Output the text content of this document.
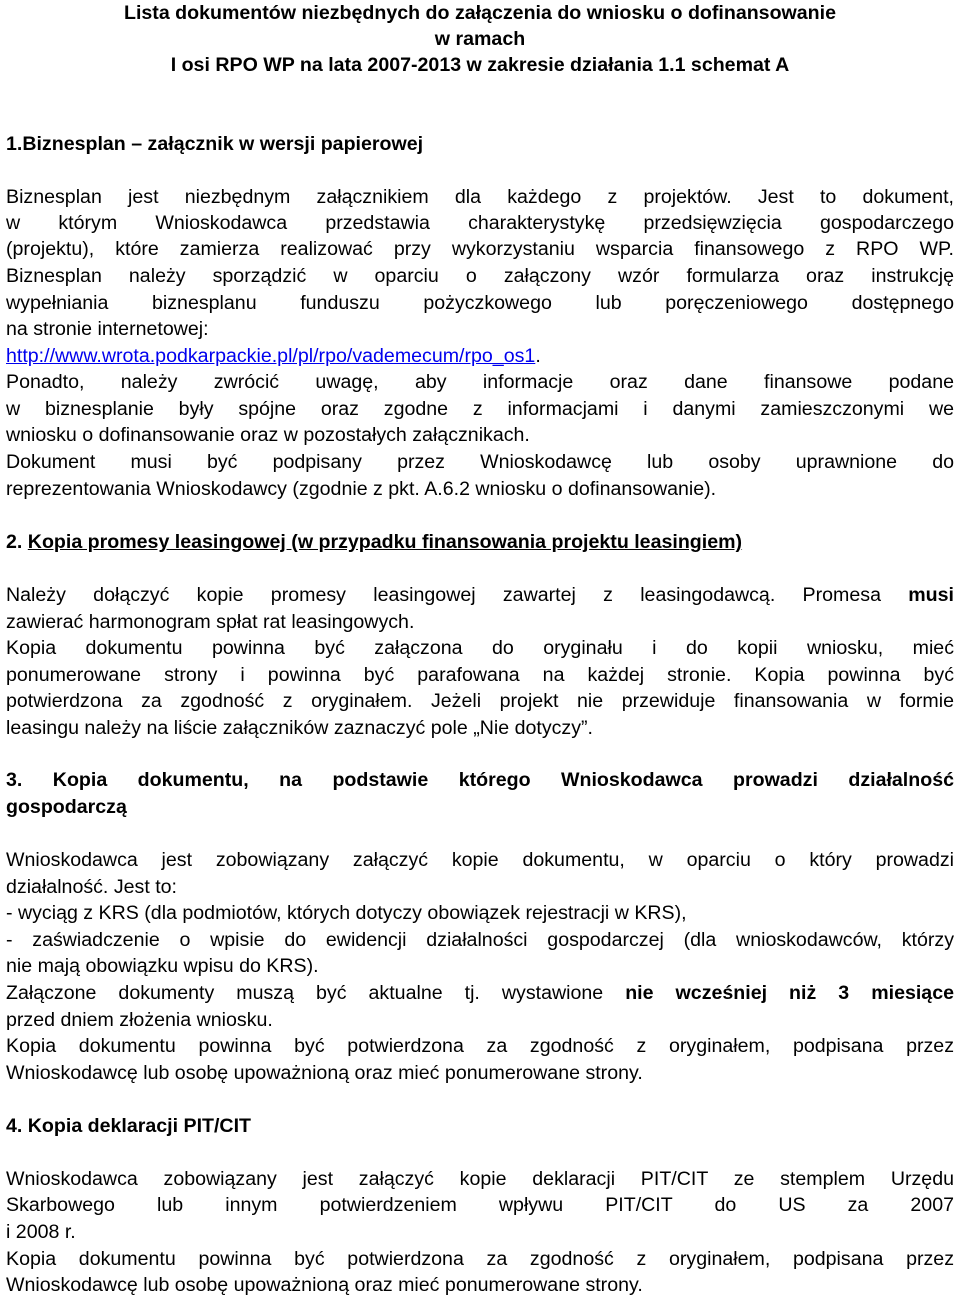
Lista dokumentów niezbędnych do załączenia do wniosku o dofinansowanie
w ramach
I osi RPO WP na lata 2007-2013 w zakresie działania 1.1 schemat A
1.Biznesplan – załącznik w wersji papierowej
Biznesplan jest niezbędnym załącznikiem dla każdego z projektów. Jest to dokument,
w którym Wnioskodawca przedstawia charakterystykę przedsięwzięcia gospodarczego
(projektu), które zamierza realizować przy wykorzystaniu wsparcia finansowego z RPO WP.
Biznesplan należy sporządzić w oparciu o załączony wzór formularza oraz instrukcję
wypełniania biznesplanu funduszu pożyczkowego lub poręczeniowego dostępnego
na stronie internetowej:
http://www.wrota.podkarpackie.pl/pl/rpo/vademecum/rpo_os1.
Ponadto, należy zwrócić uwagę, aby informacje oraz dane finansowe podane
w biznesplanie były spójne oraz zgodne z informacjami i danymi zamieszczonymi we
wniosku o dofinansowanie oraz w pozostałych załącznikach.
Dokument musi być podpisany przez Wnioskodawcę lub osoby uprawnione do
reprezentowania Wnioskodawcy (zgodnie z pkt. A.6.2 wniosku o dofinansowanie).
2. Kopia promesy leasingowej (w przypadku finansowania projektu leasingiem)
Należy dołączyć kopie promesy leasingowej zawartej z leasingodawcą. Promesa musi
zawierać harmonogram spłat rat leasingowych.
Kopia dokumentu powinna być załączona do oryginału i do kopii wniosku, mieć
ponumerowane strony i powinna być parafowana na każdej stronie. Kopia powinna być
potwierdzona za zgodność z oryginałem. Jeżeli projekt nie przewiduje finansowania w formie
leasingu należy na liście załączników zaznaczyć pole „Nie dotyczy”.
3. Kopia dokumentu, na podstawie którego Wnioskodawca prowadzi działalność
gospodarczą
Wnioskodawca jest zobowiązany załączyć kopie dokumentu, w oparciu o który prowadzi
działalność. Jest to:
- wyciąg z KRS (dla podmiotów, których dotyczy obowiązek rejestracji w KRS),
- zaświadczenie o wpisie do ewidencji działalności gospodarczej (dla wnioskodawców, którzy
nie mają obowiązku wpisu do KRS).
Załączone dokumenty muszą być aktualne tj. wystawione nie wcześniej niż 3 miesiące
przed dniem złożenia wniosku.
Kopia dokumentu powinna być potwierdzona za zgodność z oryginałem, podpisana przez
Wnioskodawcę lub osobę upoważnioną oraz mieć ponumerowane strony.
4. Kopia deklaracji PIT/CIT
Wnioskodawca zobowiązany jest załączyć kopie deklaracji PIT/CIT ze stemplem Urzędu
Skarbowego lub innym potwierdzeniem wpływu PIT/CIT do US za 2007
i 2008 r.
Kopia dokumentu powinna być potwierdzona za zgodność z oryginałem, podpisana przez
Wnioskodawcę lub osobę upoważnioną oraz mieć ponumerowane strony.
